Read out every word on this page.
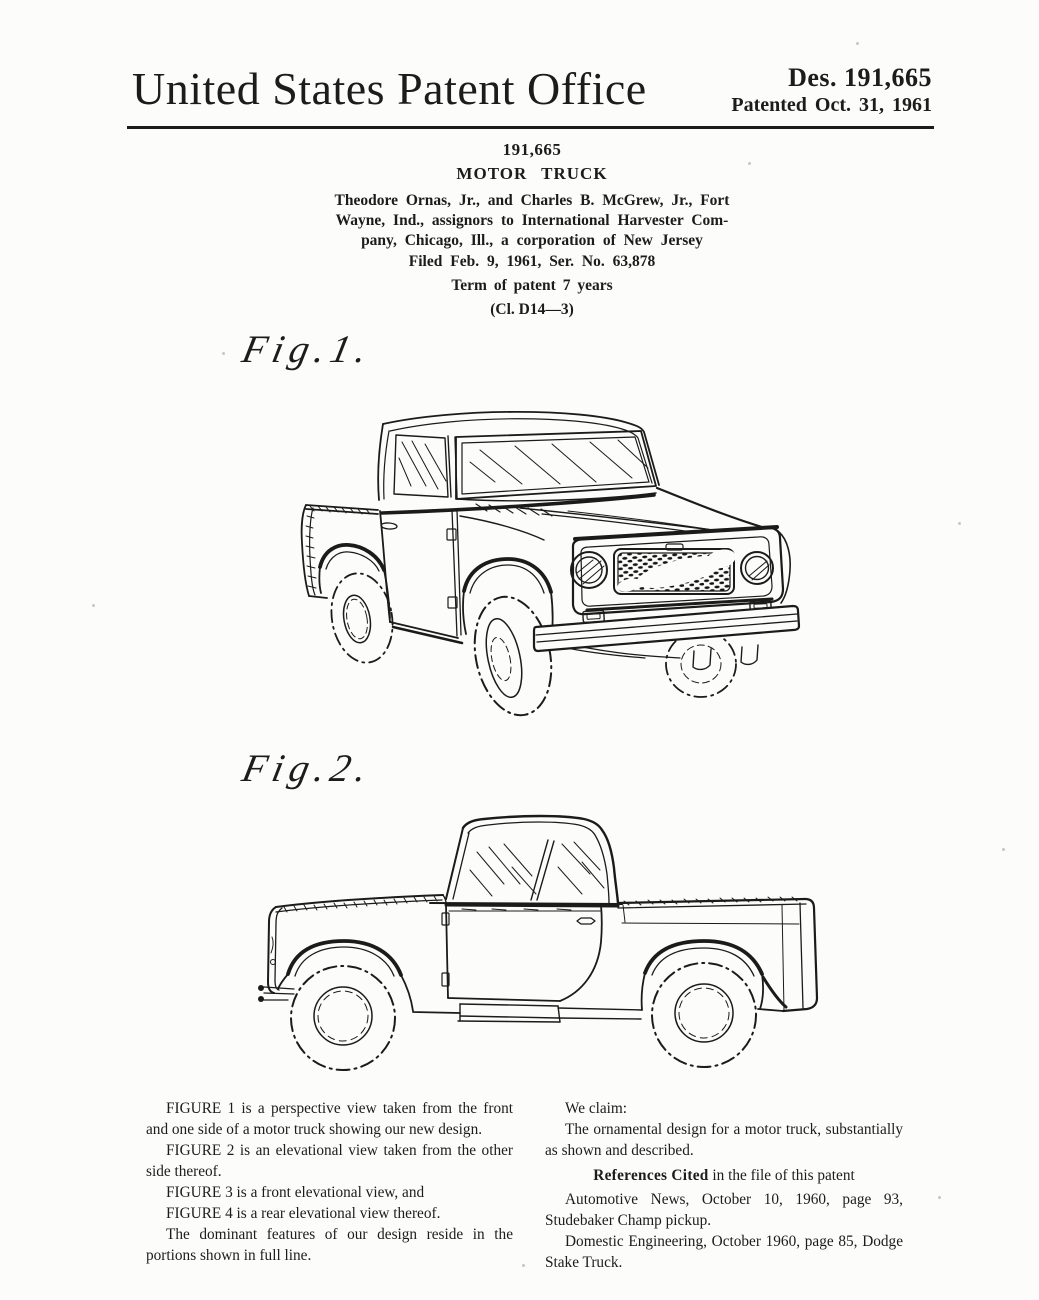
United States Patent Office	Des. 191,665
Patented Oct. 31, 1961
191,665
MOTOR TRUCK
Theodore Ornas, Jr., and Charles B. McGrew, Jr., Fort
Wayne, Ind., assignors to International Harvester Com-
pany, Chicago, Ill., a corporation of New Jersey
Filed Feb. 9, 1961, Ser. No. 63,878
Term of patent 7 years
(Cl. D14—3)
Fig.1.
Fig.2.

FIGURE 1 is a perspective view taken from the front and one side of a motor truck showing our new design.

FIGURE 2 is an elevational view taken from the other side thereof.

FIGURE 3 is a front elevational view, and

FIGURE 4 is a rear elevational view thereof.

The dominant features of our design reside in the portions shown in full line.

We claim:

The ornamental design for a motor truck, substantially as shown and described.

References Cited in the file of this patent

Automotive News, October 10, 1960, page 93, Studebaker Champ pickup.

Domestic Engineering, October 1960, page 85, Dodge Stake Truck.
